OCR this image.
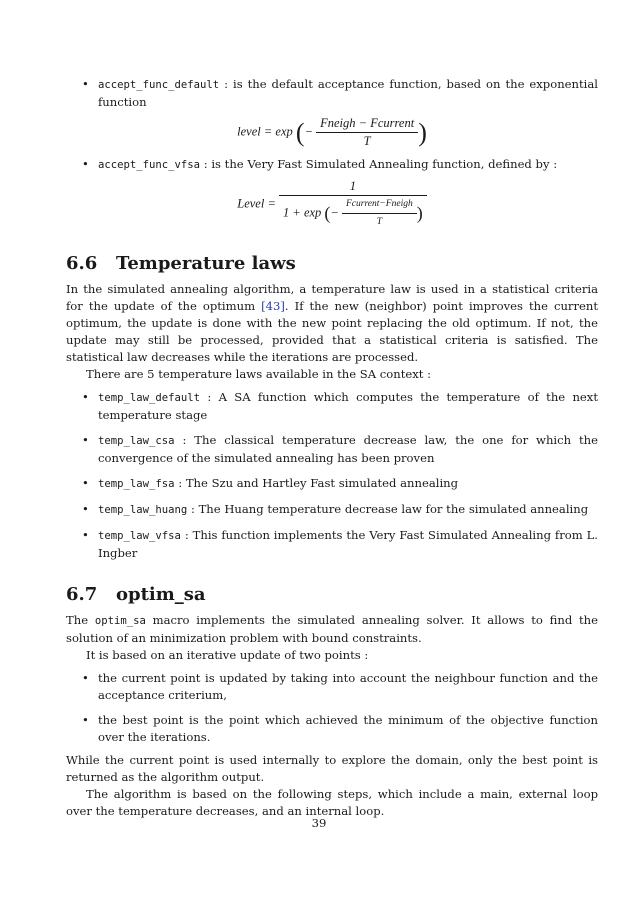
• accept_func_default : is the default acceptance function, based on the exponential function
level = exp (− $\frac{\text{Fneigh − Fcurrent}}{T}$ )
• accept_func_vfsa : is the Very Fast Simulated Annealing function, defined by :
Level =
1
1 + exp (− $\frac{\text{Fcurrent−Fneigh}}{T}$ )
6.6 Temperature laws

In the simulated annealing algorithm, a temperature law is used in a statistical criteria for the update of the optimum [43]. If the new (neighbor) point improves the current optimum, the update is done with the new point replacing the old optimum. If not, the update may still be processed, provided that a statistical criteria is satisfied. The statistical law decreases while the iterations are processed.

There are 5 temperature laws available in the SA context :

• temp_law_default : A SA function which computes the temperature of the next temperature stage
• temp_law_csa : The classical temperature decrease law, the one for which the convergence of the simulated annealing has been proven
• temp_law_fsa : The Szu and Hartley Fast simulated annealing
• temp_law_huang : The Huang temperature decrease law for the simulated annealing
• temp_law_vfsa : This function implements the Very Fast Simulated Annealing from L. Ingber
6.7 optim_sa

The optim_sa macro implements the simulated annealing solver. It allows to find the solution of an minimization problem with bound constraints.

It is based on an iterative update of two points :

• the current point is updated by taking into account the neighbour function and the acceptance criterium,
• the best point is the point which achieved the minimum of the objective function over the iterations.

While the current point is used internally to explore the domain, only the best point is returned as the algorithm output.

The algorithm is based on the following steps, which include a main, external loop over the temperature decreases, and an internal loop.

39
